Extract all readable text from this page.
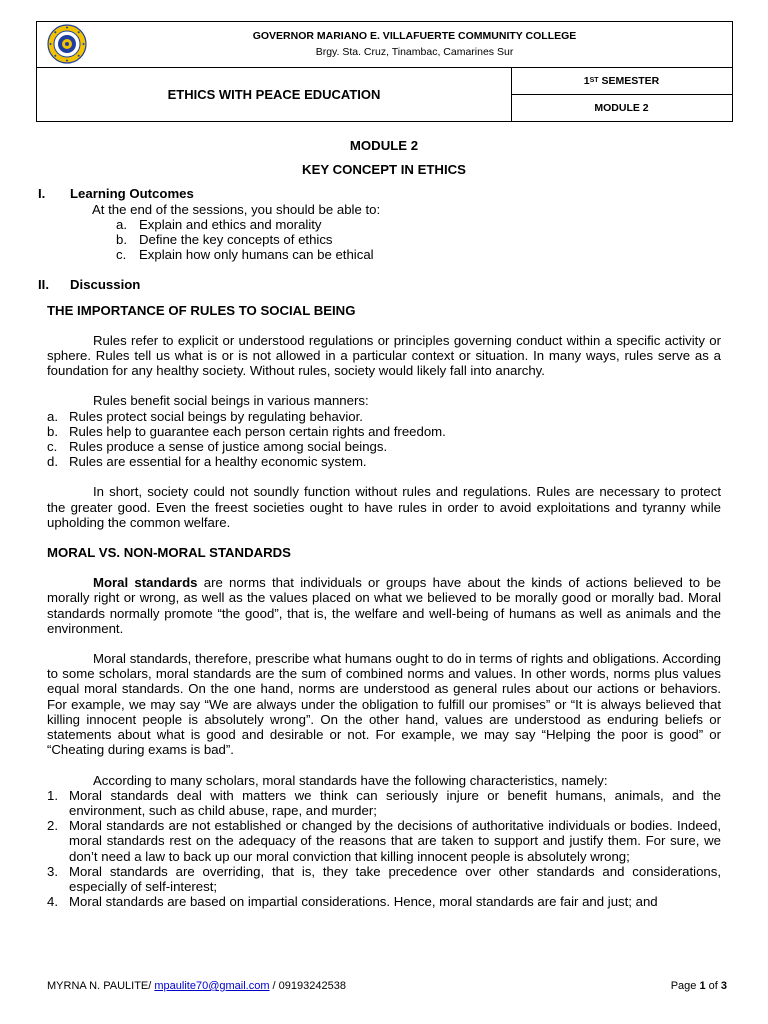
GOVERNOR MARIANO E. VILLAFUERTE COMMUNITY COLLEGE
Brgy. Sta. Cruz, Tinambac, Camarines Sur
ETHICS WITH PEACE EDUCATION
1 ST
SEMESTER
MODULE 2
MODULE 2
KEY CONCEPT IN ETHICS
I. Learning Outcomes

At the end of the sessions, you should be able to:

a. Explain and ethics and morality
b. Define the key concepts of ethics
c. Explain how only humans can be ethical
II. Discussion
THE IMPORTANCE OF RULES TO SOCIAL BEING

Rules refer to explicit or understood regulations or principles governing conduct within a specific activity or sphere. Rules tell us what is or is not allowed in a particular context or situation. In many ways, rules serve as a foundation for any healthy society. Without rules, society would likely fall into anarchy.

Rules benefit social beings in various manners:

a. Rules protect social beings by regulating behavior.
b. Rules help to guarantee each person certain rights and freedom.
c. Rules produce a sense of justice among social beings.
d. Rules are essential for a healthy economic system.

In short, society could not soundly function without rules and regulations. Rules are necessary to protect the greater good. Even the freest societies ought to have rules in order to avoid exploitations and tyranny while upholding the common welfare.

MORAL VS. NON-MORAL STANDARDS

Moral standards are norms that individuals or groups have about the kinds of actions believed to be morally right or wrong, as well as the values placed on what we believed to be morally good or morally bad. Moral standards normally promote “the good”, that is, the welfare and well-being of humans as well as animals and the environment.

Moral standards, therefore, prescribe what humans ought to do in terms of rights and obligations. According to some scholars, moral standards are the sum of combined norms and values. In other words, norms plus values equal moral standards. On the one hand, norms are understood as general rules about our actions or behaviors. For example, we may say “We are always under the obligation to fulfill our promises” or “It is always believed that killing innocent people is absolutely wrong”. On the other hand, values are understood as enduring beliefs or statements about what is good and desirable or not. For example, we may say “Helping the poor is good” or “Cheating during exams is bad”.

According to many scholars, moral standards have the following characteristics, namely:

1. Moral standards deal with matters we think can seriously injure or benefit humans, animals, and the environment, such as child abuse, rape, and murder;
2. Moral standards are not established or changed by the decisions of authoritative individuals or bodies. Indeed, moral standards rest on the adequacy of the reasons that are taken to support and justify them. For sure, we don’t need a law to back up our moral conviction that killing innocent people is absolutely wrong;
3. Moral standards are overriding, that is, they take precedence over other standards and considerations, especially of self-interest;
4. Moral standards are based on impartial considerations. Hence, moral standards are fair and just; and
MYRNA N. PAULITE/ mpaulite70@gmail.com / 09193242538	Page 1 of 3
